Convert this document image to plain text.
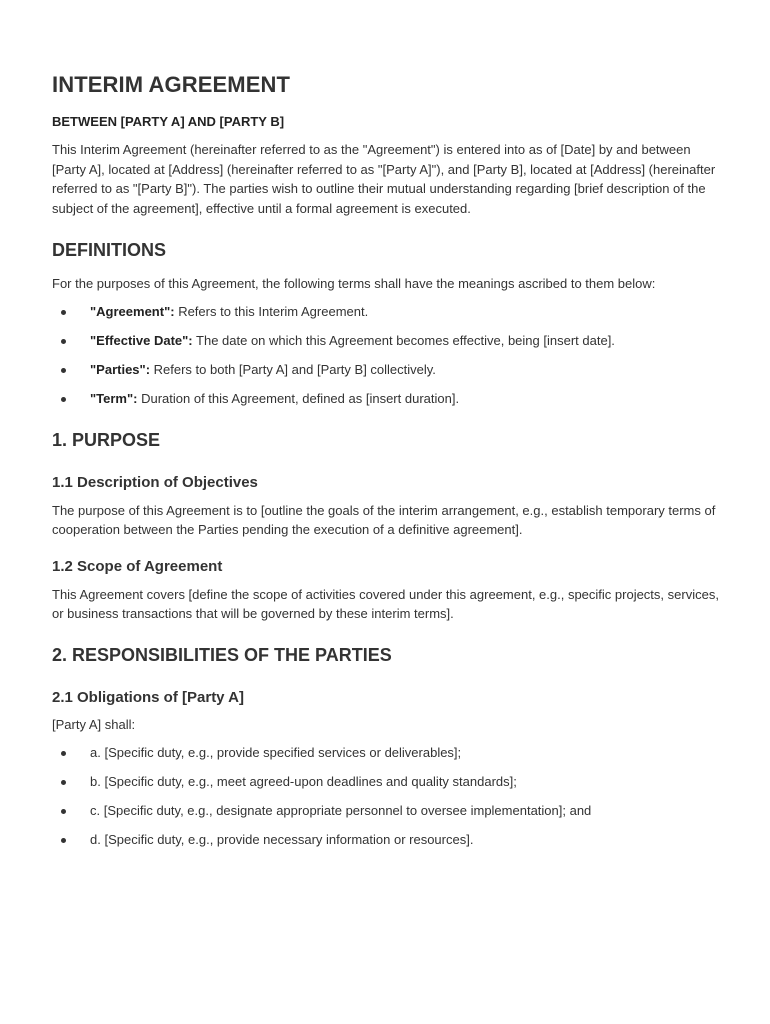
INTERIM AGREEMENT
BETWEEN [PARTY A] AND [PARTY B]

This Interim Agreement (hereinafter referred to as the "Agreement") is entered into as of [Date] by and between [Party A], located at [Address] (hereinafter referred to as "[Party A]"), and [Party B], located at [Address] (hereinafter referred to as "[Party B]"). The parties wish to outline their mutual understanding regarding [brief description of the subject of the agreement], effective until a formal agreement is executed.

DEFINITIONS

For the purposes of this Agreement, the following terms shall have the meanings ascribed to them below:

"Agreement": Refers to this Interim Agreement.
"Effective Date": The date on which this Agreement becomes effective, being [insert date].
"Parties": Refers to both [Party A] and [Party B] collectively.
"Term": Duration of this Agreement, defined as [insert duration].
1. PURPOSE
1.1 Description of Objectives

The purpose of this Agreement is to [outline the goals of the interim arrangement, e.g., establish temporary terms of cooperation between the Parties pending the execution of a definitive agreement].

1.2 Scope of Agreement

This Agreement covers [define the scope of activities covered under this agreement, e.g., specific projects, services, or business transactions that will be governed by these interim terms].

2. RESPONSIBILITIES OF THE PARTIES
2.1 Obligations of [Party A]

[Party A] shall:

a. [Specific duty, e.g., provide specified services or deliverables];
b. [Specific duty, e.g., meet agreed-upon deadlines and quality standards];
c. [Specific duty, e.g., designate appropriate personnel to oversee implementation]; and
d. [Specific duty, e.g., provide necessary information or resources].
